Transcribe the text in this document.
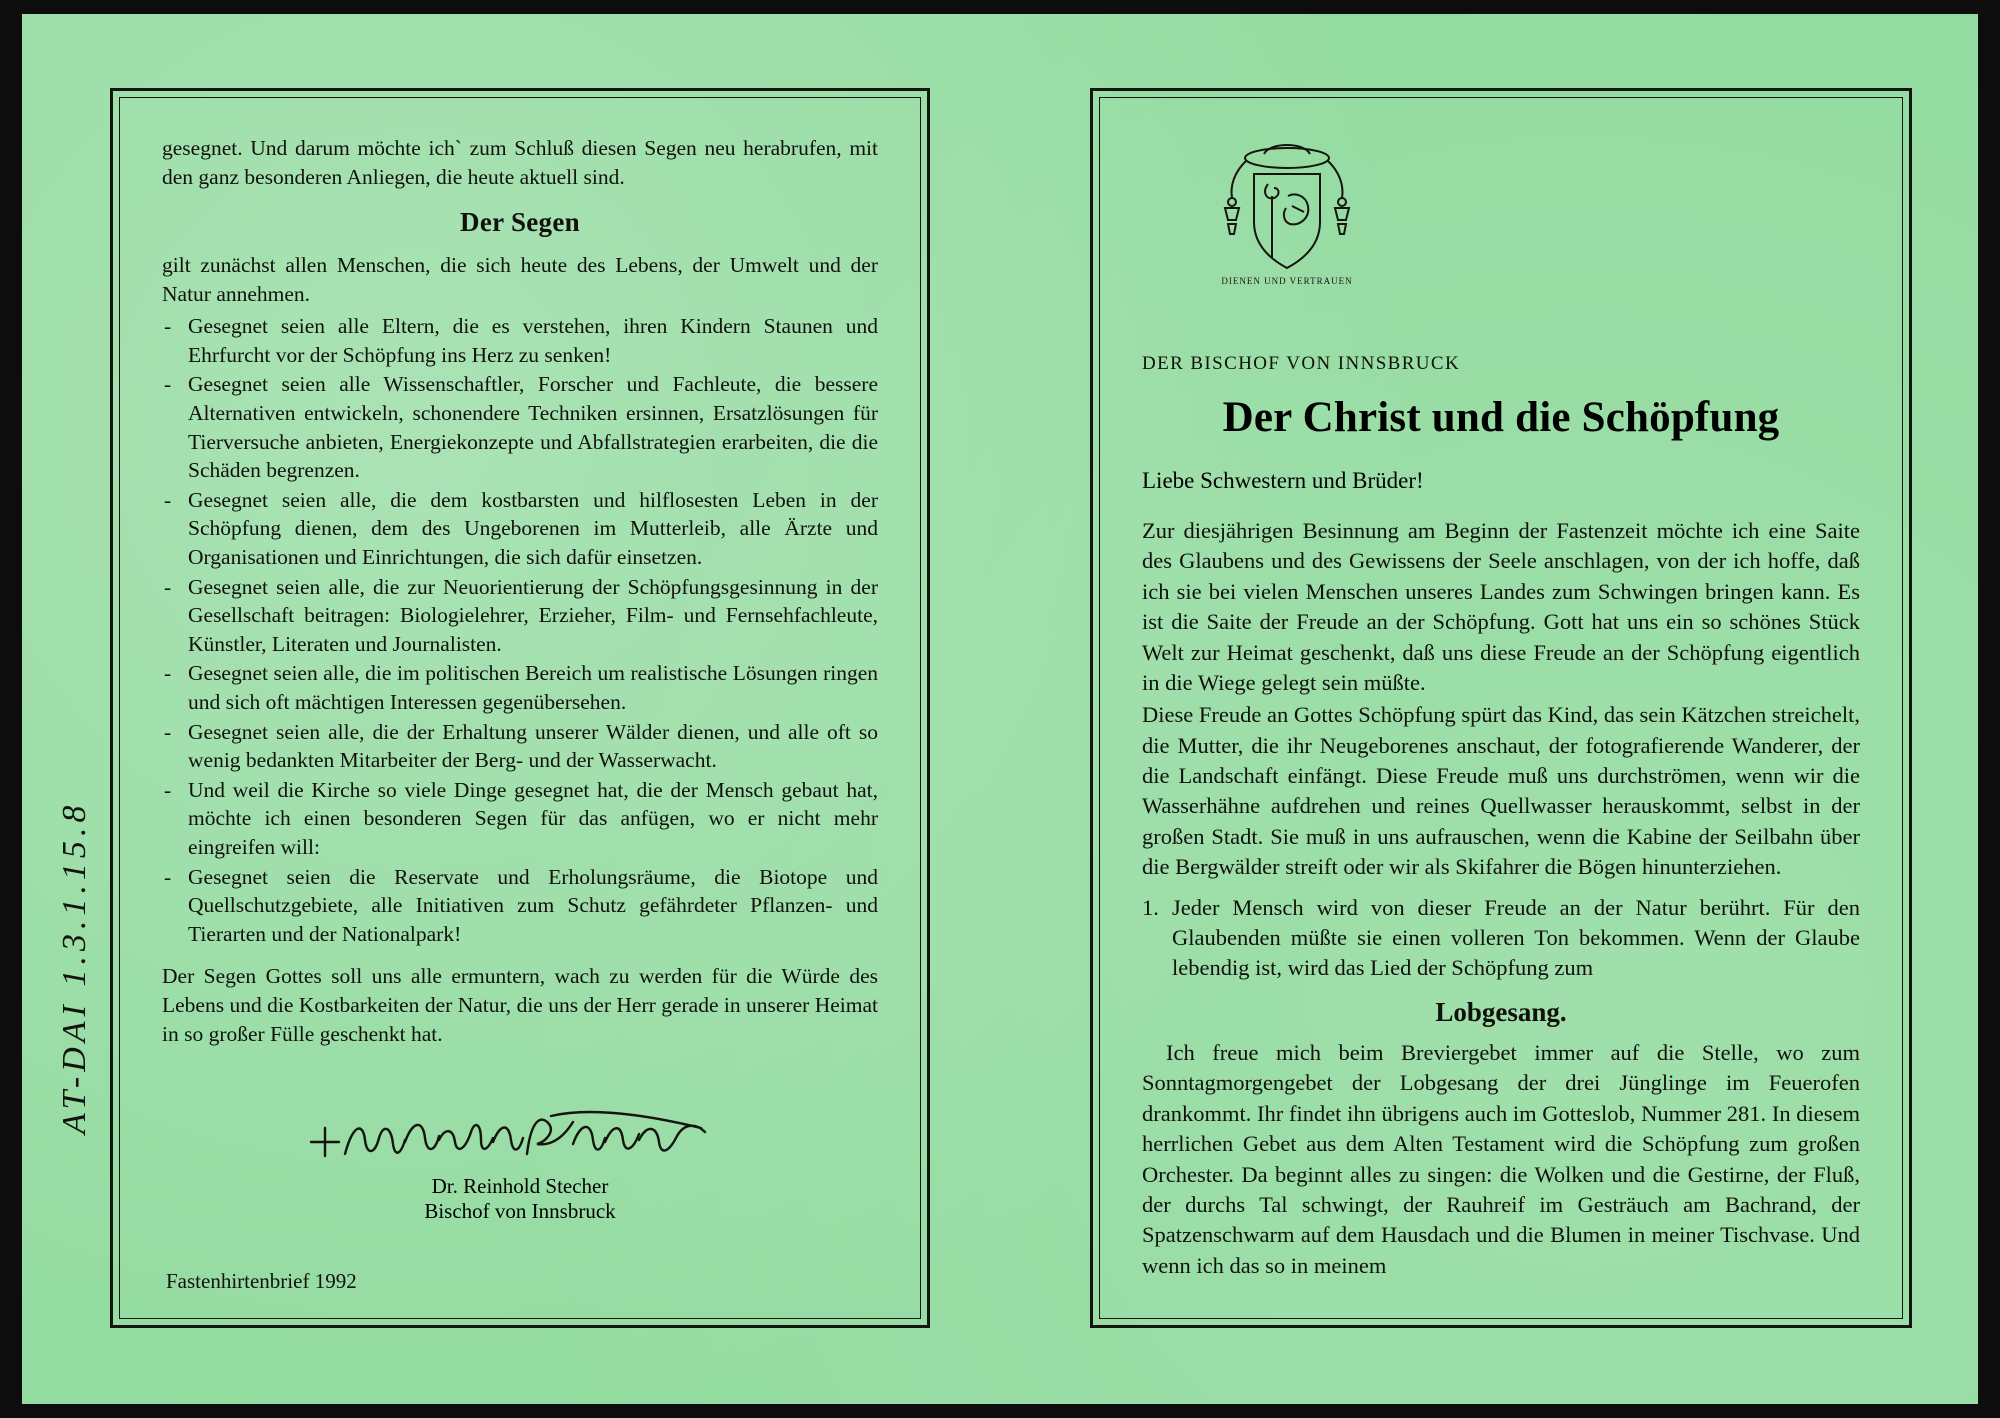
AT-DAI 1.3.1.15.8

gesegnet. Und darum möchte ich` zum Schluß diesen Segen neu herabrufen, mit den ganz besonderen Anliegen, die heute aktuell sind.

Der Segen

gilt zunächst allen Menschen, die sich heute des Lebens, der Umwelt und der Natur annehmen.

- Gesegnet seien alle Eltern, die es verstehen, ihren Kindern Staunen und Ehrfurcht vor der Schöpfung ins Herz zu senken!
- Gesegnet seien alle Wissenschaftler, Forscher und Fachleute, die bessere Alternativen entwickeln, schonendere Techniken ersinnen, Ersatzlösungen für Tierversuche anbieten, Energiekonzepte und Abfallstrategien erarbeiten, die die Schäden begrenzen.
- Gesegnet seien alle, die dem kostbarsten und hilflosesten Leben in der Schöpfung dienen, dem des Ungeborenen im Mutterleib, alle Ärzte und Organisationen und Einrichtungen, die sich dafür einsetzen.
- Gesegnet seien alle, die zur Neuorientierung der Schöpfungsgesinnung in der Gesellschaft beitragen: Biologielehrer, Erzieher, Film- und Fernsehfachleute, Künstler, Literaten und Journalisten.
- Gesegnet seien alle, die im politischen Bereich um realistische Lösungen ringen und sich oft mächtigen Interessen gegenübersehen.
- Gesegnet seien alle, die der Erhaltung unserer Wälder dienen, und alle oft so wenig bedankten Mitarbeiter der Berg- und der Wasserwacht.
- Und weil die Kirche so viele Dinge gesegnet hat, die der Mensch gebaut hat, möchte ich einen besonderen Segen für das anfügen, wo er nicht mehr eingreifen will:
- Gesegnet seien die Reservate und Erholungsräume, die Biotope und Quellschutzgebiete, alle Initiativen zum Schutz gefährdeter Pflanzen- und Tierarten und der Nationalpark!

Der Segen Gottes soll uns alle ermuntern, wach zu werden für die Würde des Lebens und die Kostbarkeiten der Natur, die uns der Herr gerade in unserer Heimat in so großer Fülle geschenkt hat.

Dr. Reinhold Stecher
Bischof von Innsbruck
Fastenhirtenbrief 1992
DIENEN UND VERTRAUEN
DER BISCHOF VON INNSBRUCK
Der Christ und die Schöpfung
Liebe Schwestern und Brüder!

Zur diesjährigen Besinnung am Beginn der Fastenzeit möchte ich eine Saite des Glaubens und des Gewissens der Seele anschlagen, von der ich hoffe, daß ich sie bei vielen Menschen unseres Landes zum Schwingen bringen kann. Es ist die Saite der Freude an der Schöpfung. Gott hat uns ein so schönes Stück Welt zur Heimat geschenkt, daß uns diese Freude an der Schöpfung eigentlich in die Wiege gelegt sein müßte.

Diese Freude an Gottes Schöpfung spürt das Kind, das sein Kätzchen streichelt, die Mutter, die ihr Neugeborenes anschaut, der fotografierende Wanderer, der die Landschaft einfängt. Diese Freude muß uns durchströmen, wenn wir die Wasserhähne aufdrehen und reines Quellwasser herauskommt, selbst in der großen Stadt. Sie muß in uns aufrauschen, wenn die Kabine der Seilbahn über die Bergwälder streift oder wir als Skifahrer die Bögen hinunterziehen.

1. Jeder Mensch wird von dieser Freude an der Natur berührt. Für den Glaubenden müßte sie einen volleren Ton bekommen. Wenn der Glaube lebendig ist, wird das Lied der Schöpfung zum
Lobgesang.

Ich freue mich beim Breviergebet immer auf die Stelle, wo zum Sonntagmorgengebet der Lobgesang der drei Jünglinge im Feuerofen drankommt. Ihr findet ihn übrigens auch im Gotteslob, Nummer 281. In diesem herrlichen Gebet aus dem Alten Testament wird die Schöpfung zum großen Orchester. Da beginnt alles zu singen: die Wolken und die Gestirne, der Fluß, der durchs Tal schwingt, der Rauhreif im Gesträuch am Bachrand, der Spatzenschwarm auf dem Hausdach und die Blumen in meiner Tischvase. Und wenn ich das so in meinem
